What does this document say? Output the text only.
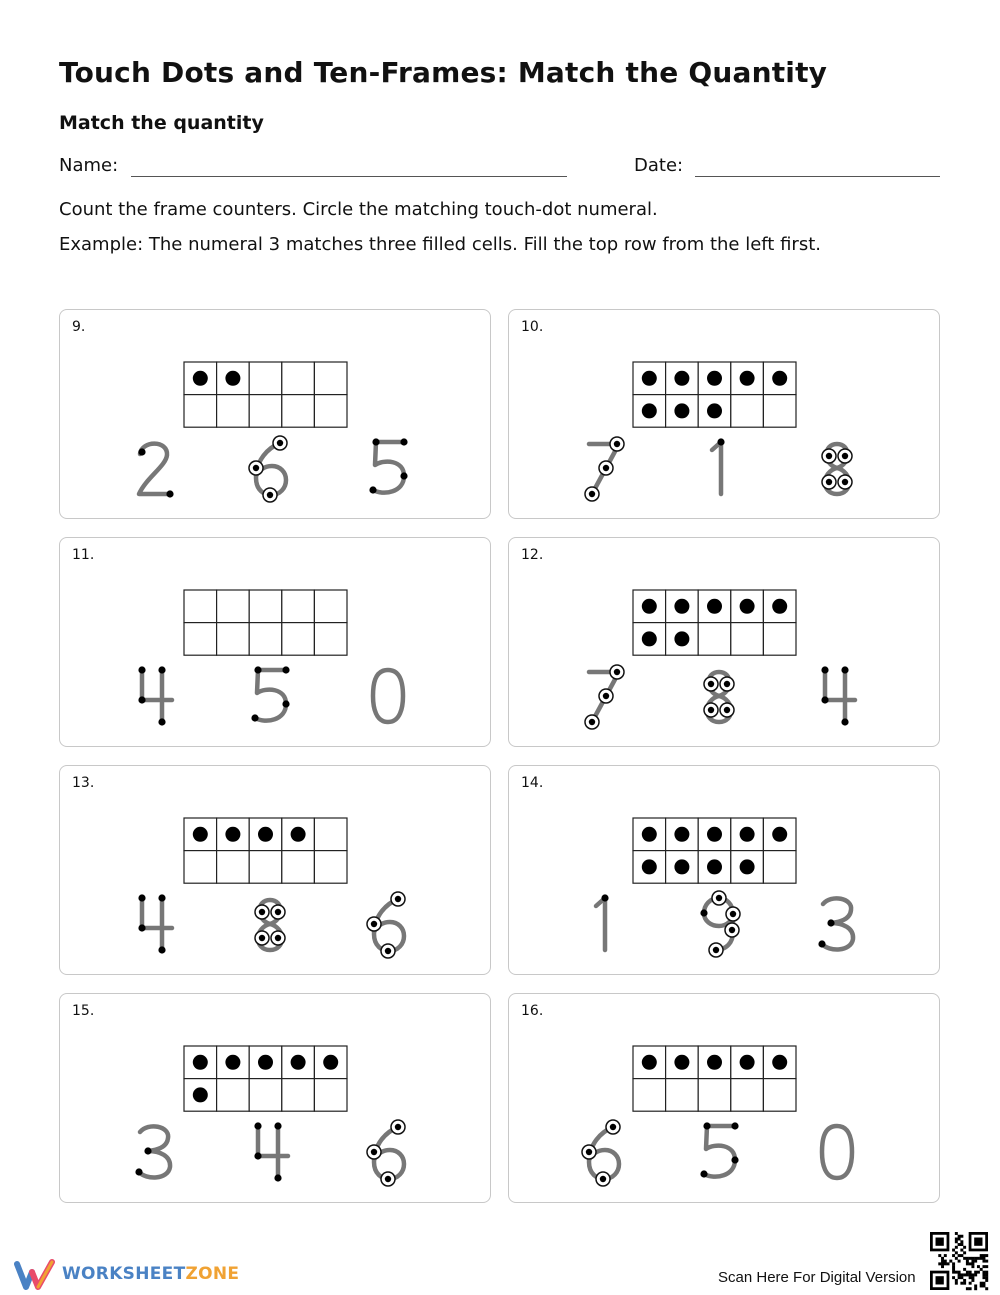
Touch Dots and Ten-Frames: Match the Quantity
Match the quantity
Name:	Date:

Count the frame counters. Circle the matching touch-dot numeral.

Example: The numeral 3 matches three filled cells. Fill the top row from the left first.

9.
2	6	5
10.
7	1	8
11.
4	5	0
12.
7	8	4
13.
4	8	6
14.
1	9	3
15.
3	4	6
16.
6	5	0
WORKSHEETZONE	Scan Here For Digital Version
